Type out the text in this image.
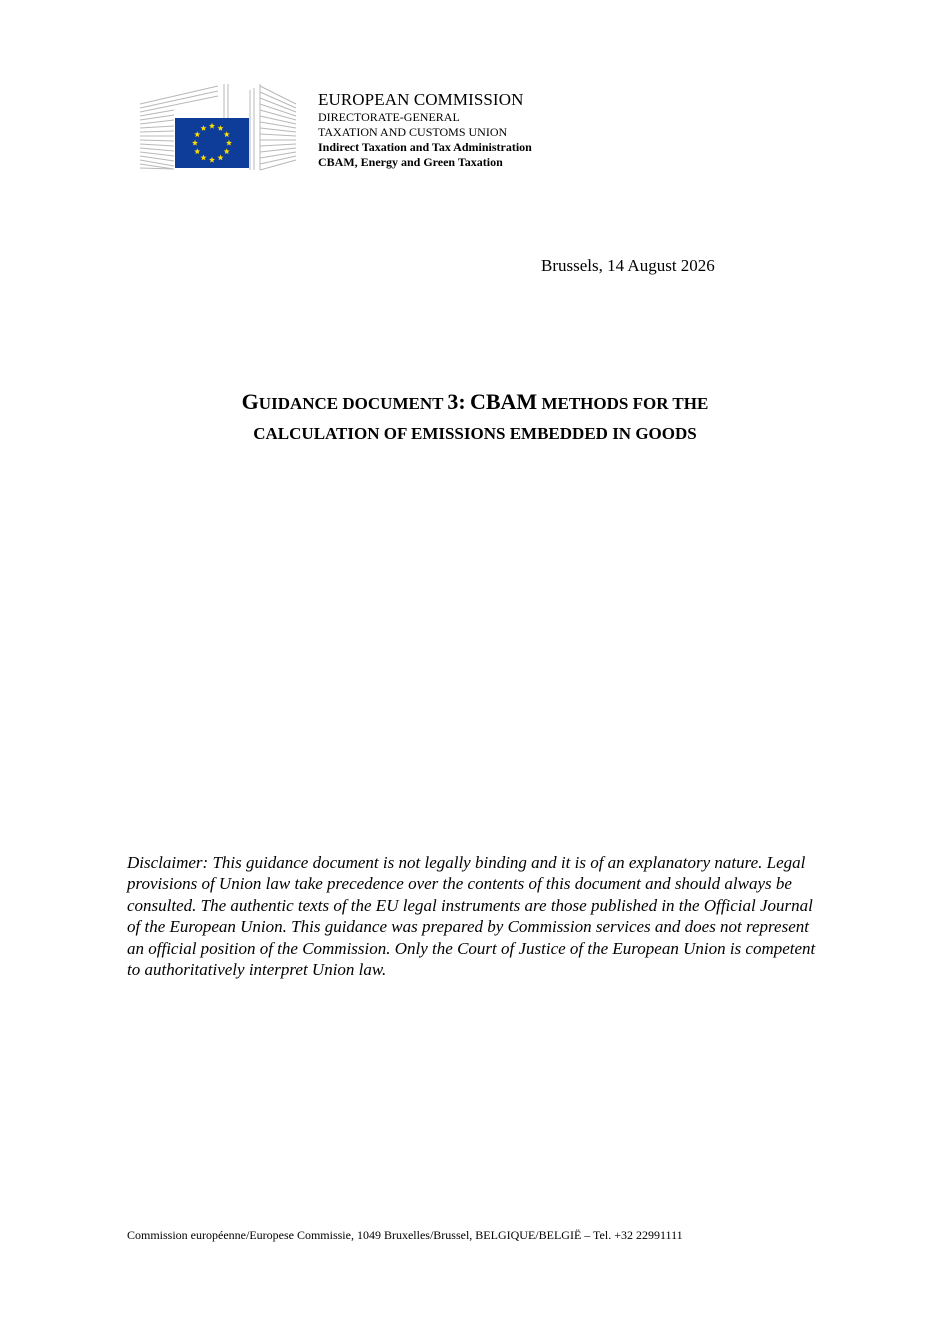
EUROPEAN COMMISSION
DIRECTORATE-GENERAL
TAXATION AND CUSTOMS UNION
Indirect Taxation and Tax Administration
CBAM, Energy and Green Taxation
Brussels, 14 August 2026
GUIDANCE DOCUMENT 3: CBAM METHODS FOR THE
CALCULATION OF EMISSIONS EMBEDDED IN GOODS
Disclaimer: This guidance document is not legally binding and it is of an explanatory nature. Legal provisions of Union law take precedence over the contents of this document and should always be consulted. The authentic texts of the EU legal instruments are those published in the Official Journal of the European Union. This guidance was prepared by Commission services and does not represent an official position of the Commission. Only the Court of Justice of the European Union is competent to authoritatively interpret Union law.
Commission européenne/Europese Commissie, 1049 Bruxelles/Brussel, BELGIQUE/BELGIË – Tel. +32 22991111
